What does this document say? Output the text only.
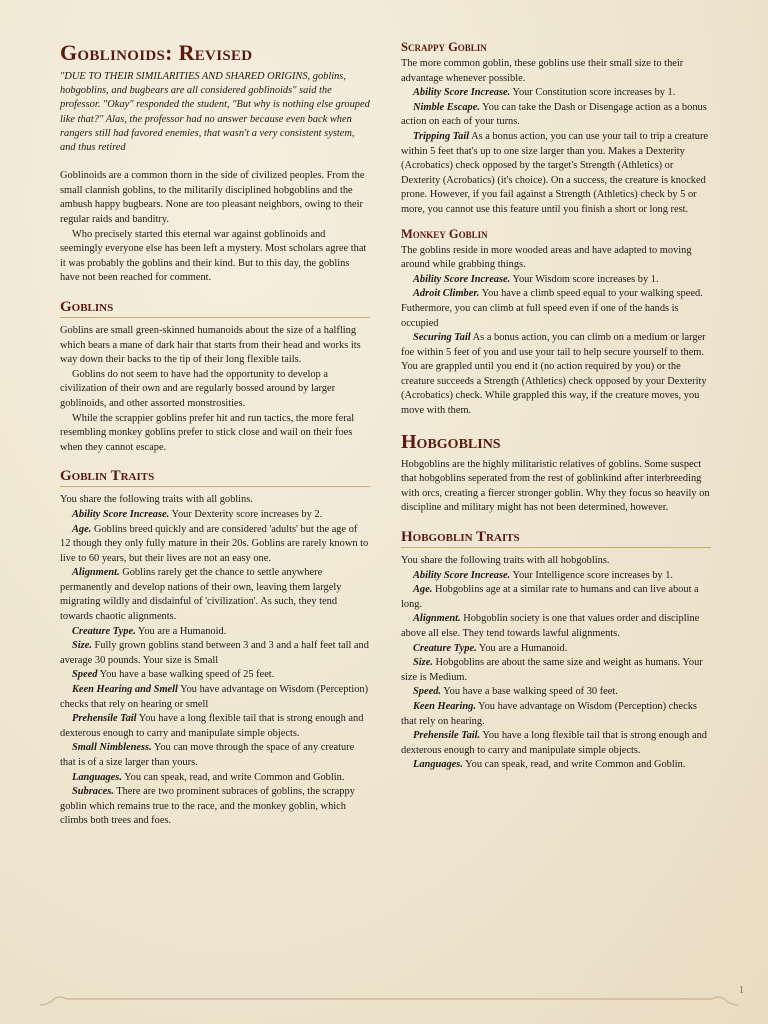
Goblinoids: Revised

"DUE TO THEIR SIMILARITIES AND SHARED ORIGINS, goblins, hobgoblins, and bugbears are all considered goblinoids" said the professor. "Okay" responded the student, "But why is nothing else grouped like that?" Alas, the professor had no answer because even back when rangers still had favored enemies, that wasn't a very consistent system, and thus retired

Goblinoids are a common thorn in the side of civilized peoples. From the small clannish goblins, to the militarily disciplined hobgoblins and the ambush happy bugbears. None are too pleasant neighbors, owing to their regular raids and banditry.

Who precisely started this eternal war against goblinoids and seemingly everyone else has been left a mystery. Most scholars agree that it was probably the goblins and their kind. But to this day, the goblins have not been reached for comment.

Goblins

Goblins are small green-skinned humanoids about the size of a halfling which bears a mane of dark hair that starts from their head and works its way down their backs to the tip of their long flexible tails.

Goblins do not seem to have had the opportunity to develop a civilization of their own and are regularly bossed around by larger goblinoids, and other assorted monstrosities.

While the scrappier goblins prefer hit and run tactics, the more feral resembling monkey goblins prefer to stick close and wail on their foes when they cannot escape.

Goblin Traits

You share the following traits with all goblins.

Ability Score Increase. Your Dexterity score increases by 2.

Age. Goblins breed quickly and are considered 'adults' but the age of 12 though they only fully mature in their 20s. Goblins are rarely known to live to 60 years, but their lives are not an easy one.

Alignment. Goblins rarely get the chance to settle anywhere permanently and develop nations of their own, leaving them largely migrating wildly and disdainful of 'civilization'. As such, they tend towards chaotic alignments.

Creature Type. You are a Humanoid.

Size. Fully grown goblins stand between 3 and 3 and a half feet tall and average 30 pounds. Your size is Small

Speed You have a base walking speed of 25 feet.

Keen Hearing and Smell You have advantage on Wisdom (Perception) checks that rely on hearing or smell

Prehensile Tail You have a long flexible tail that is strong enough and dexterous enough to carry and manipulate simple objects.

Small Nimbleness. You can move through the space of any creature that is of a size larger than yours.

Languages. You can speak, read, and write Common and Goblin.

Subraces. There are two prominent subraces of goblins, the scrappy goblin which remains true to the race, and the monkey goblin, which climbs both trees and foes.

Scrappy Goblin

The more common goblin, these goblins use their small size to their advantage whenever possible.

Ability Score Increase. Your Constitution score increases by 1.

Nimble Escape. You can take the Dash or Disengage action as a bonus action on each of your turns.

Tripping Tail As a bonus action, you can use your tail to trip a creature within 5 feet that's up to one size larger than you. Makes a Dexterity (Acrobatics) check opposed by the target's Strength (Athletics) or Dexterity (Acrobatics) (it's choice). On a success, the creature is knocked prone. However, if you fail against a Strength (Athletics) check by 5 or more, you cannot use this feature until you finish a short or long rest.

Monkey Goblin

The goblins reside in more wooded areas and have adapted to moving around while grabbing things.

Ability Score Increase. Your Wisdom score increases by 1.

Adroit Climber. You have a climb speed equal to your walking speed. Futhermore, you can climb at full speed even if one of the hands is occupied

Securing Tail As a bonus action, you can climb on a medium or larger foe within 5 feet of you and use your tail to help secure yourself to them. You are grappled until you end it (no action required by you) or the creature succeeds a Strength (Athletics) check opposed by your Dexterity (Acrobatics) check. While grappled this way, if the creature moves, you move with them.

Hobgoblins

Hobgoblins are the highly militaristic relatives of goblins. Some suspect that hobgoblins seperated from the rest of goblinkind after interbreeding with orcs, creating a fiercer stronger goblin. Why they focus so heavily on discipline and military might has not been determined, however.

Hobgoblin Traits

You share the following traits with all hobgoblins.

Ability Score Increase. Your Intelligence score increases by 1.

Age. Hobgoblins age at a similar rate to humans and can live about a long.

Alignment. Hobgoblin society is one that values order and discipline above all else. They tend towards lawful alignments.

Creature Type. You are a Humanoid.

Size. Hobgoblins are about the same size and weight as humans. Your size is Medium.

Speed. You have a base walking speed of 30 feet.

Keen Hearing. You have advantage on Wisdom (Perception) checks that rely on hearing.

Prehensile Tail. You have a long flexible tail that is strong enough and dexterous enough to carry and manipulate simple objects.

Languages. You can speak, read, and write Common and Goblin.

1
